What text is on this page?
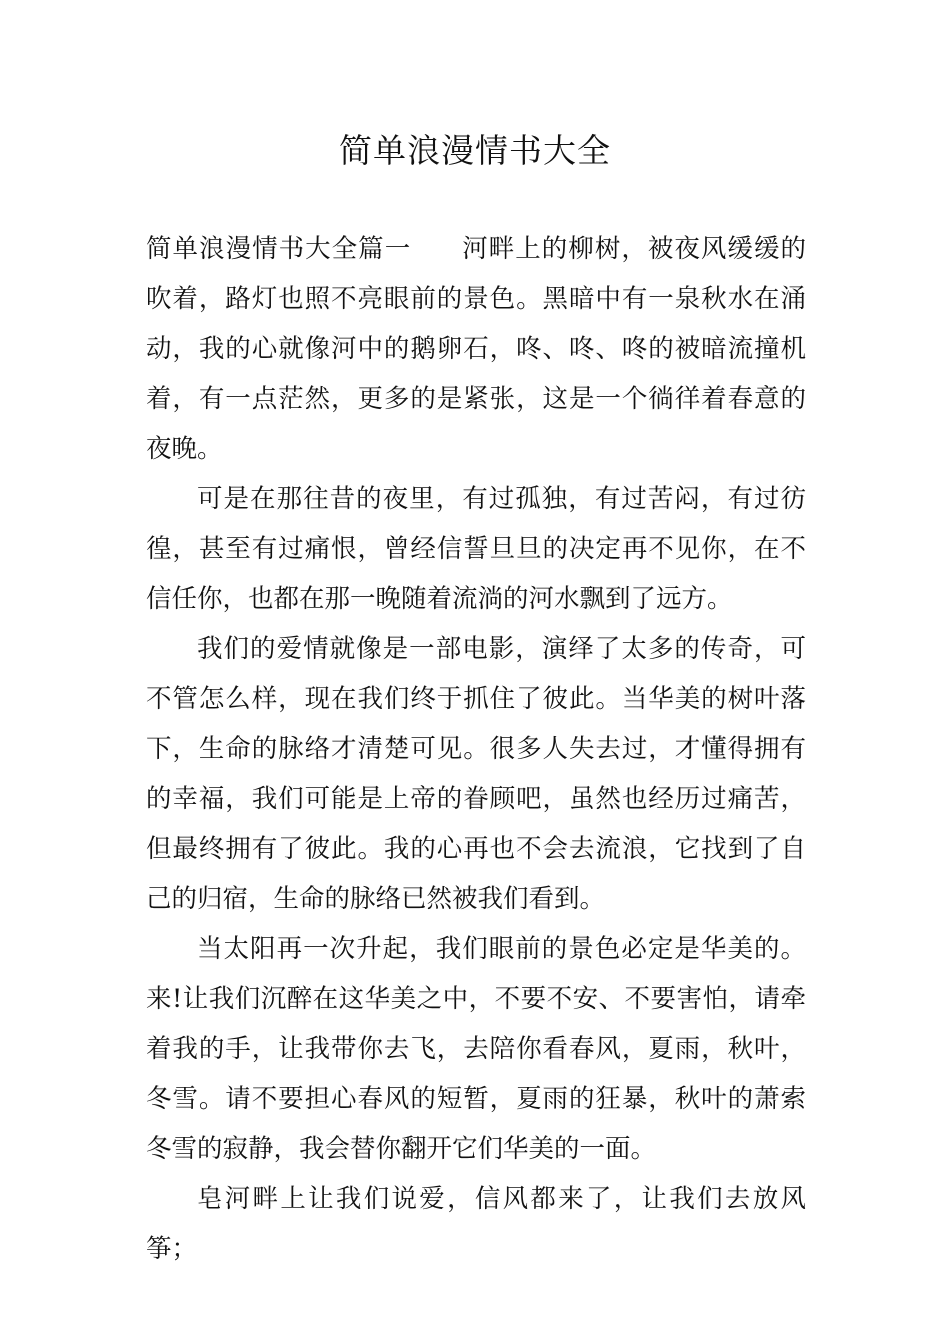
简单浪漫情书大全

简单浪漫情书大全篇一 河畔上的柳树，被夜风缓缓的吹着，路灯也照不亮眼前的景色。黑暗中有一泉秋水在涌动，我的心就像河中的鹅卵石，咚、咚、咚的被暗流撞机着，有一点茫然，更多的是紧张，这是一个徜徉着春意的夜晚。

可是在那往昔的夜里，有过孤独，有过苦闷，有过彷徨，甚至有过痛恨，曾经信誓旦旦的决定再不见你，在不信任你，也都在那一晚随着流淌的河水飘到了远方。

我们的爱情就像是一部电影，演绎了太多的传奇，可不管怎么样，现在我们终于抓住了彼此。当华美的树叶落下，生命的脉络才清楚可见。很多人失去过，才懂得拥有的幸福，我们可能是上帝的眷顾吧，虽然也经历过痛苦，但最终拥有了彼此。我的心再也不会去流浪，它找到了自己的归宿，生命的脉络已然被我们看到。

当太阳再一次升起，我们眼前的景色必定是华美的。来!让我们沉醉在这华美之中，不要不安、不要害怕，请牵着我的手，让我带你去飞，去陪你看春风，夏雨，秋叶，冬雪。请不要担心春风的短暂，夏雨的狂暴，秋叶的萧索冬雪的寂静，我会替你翻开它们华美的一面。

皂河畔上让我们说爱，信风都来了，让我们去放风筝；
